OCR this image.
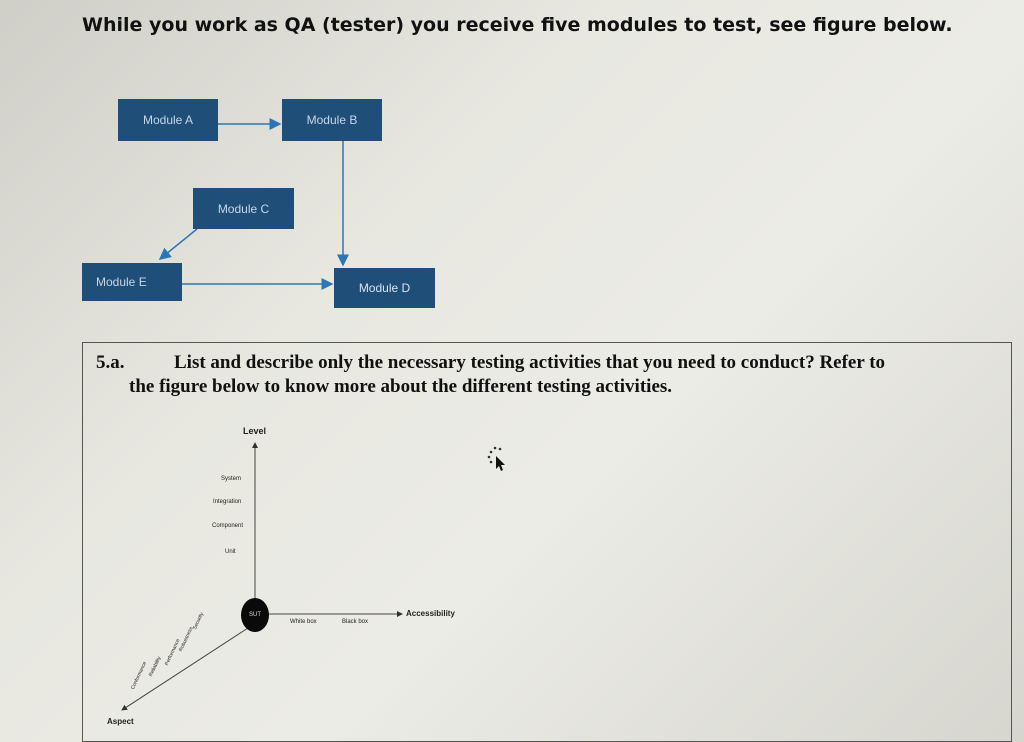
While you work as QA (tester) you receive five modules to test, see figure below.
Module A	Module B
Module C
Module E	Module D
5.a.	List and describe only the necessary testing activities that you need to conduct? Refer to
the figure below to know more about the different testing activities.
Level
System
Integration
Component
Unit
SUT
White box	Black box
Accessibility
Security
Robustness
Performance
Reliability
Conformance
Aspect
